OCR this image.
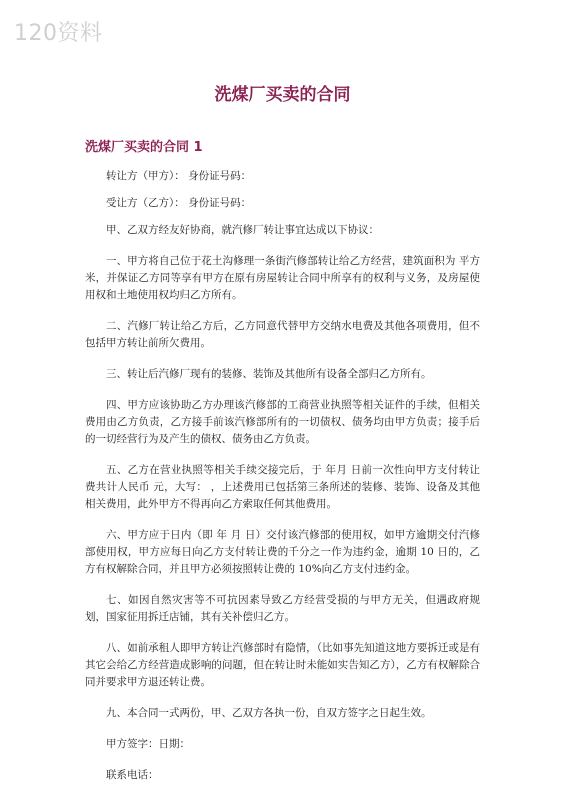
120资料
洗煤厂买卖的合同
洗煤厂买卖的合同 1

转让方（甲方）： 身份证号码：

受让方（乙方）： 身份证号码：

甲、乙双方经友好协商，就汽修厂转让事宜达成以下协议：

一、甲方将自己位于花土沟修理一条街汽修部转让给乙方经营，建筑面积为 平方米，并保证乙方同等享有甲方在原有房屋转让合同中所享有的权利与义务，及房屋使用权和土地使用权均归乙方所有。

二、汽修厂转让给乙方后，乙方同意代替甲方交纳水电费及其他各项费用，但不包括甲方转让前所欠费用。

三、转让后汽修厂现有的装修、装饰及其他所有设备全部归乙方所有。

四、甲方应该协助乙方办理该汽修部的工商营业执照等相关证件的手续，但相关费用由乙方负责，乙方接手前该汽修部所有的一切债权、债务均由甲方负责；接手后的一切经营行为及产生的债权、债务由乙方负责。

五、乙方在营业执照等相关手续交接完后，于 年月 日前一次性向甲方支付转让费共计人民币 元，大写： ，上述费用已包括第三条所述的装修、装饰、设备及其他相关费用，此外甲方不得再向乙方索取任何其他费用。

六、甲方应于日内（即 年 月 日）交付该汽修部的使用权，如甲方逾期交付汽修部使用权，甲方应每日向乙方支付转让费的千分之一作为违约金，逾期 10 日的，乙方有权解除合同，并且甲方必须按照转让费的 10%向乙方支付违约金。

七、如因自然灾害等不可抗因素导致乙方经营受损的与甲方无关，但遇政府规划，国家征用拆迁店铺，其有关补偿归乙方。

八、如前承租人即甲方转让汽修部时有隐情，（比如事先知道这地方要拆迁或是有其它会给乙方经营造成影响的问题，但在转让时未能如实告知乙方），乙方有权解除合同并要求甲方退还转让费。

九、本合同一式两份，甲、乙双方各执一份，自双方签字之日起生效。

甲方签字：日期：

联系电话：
